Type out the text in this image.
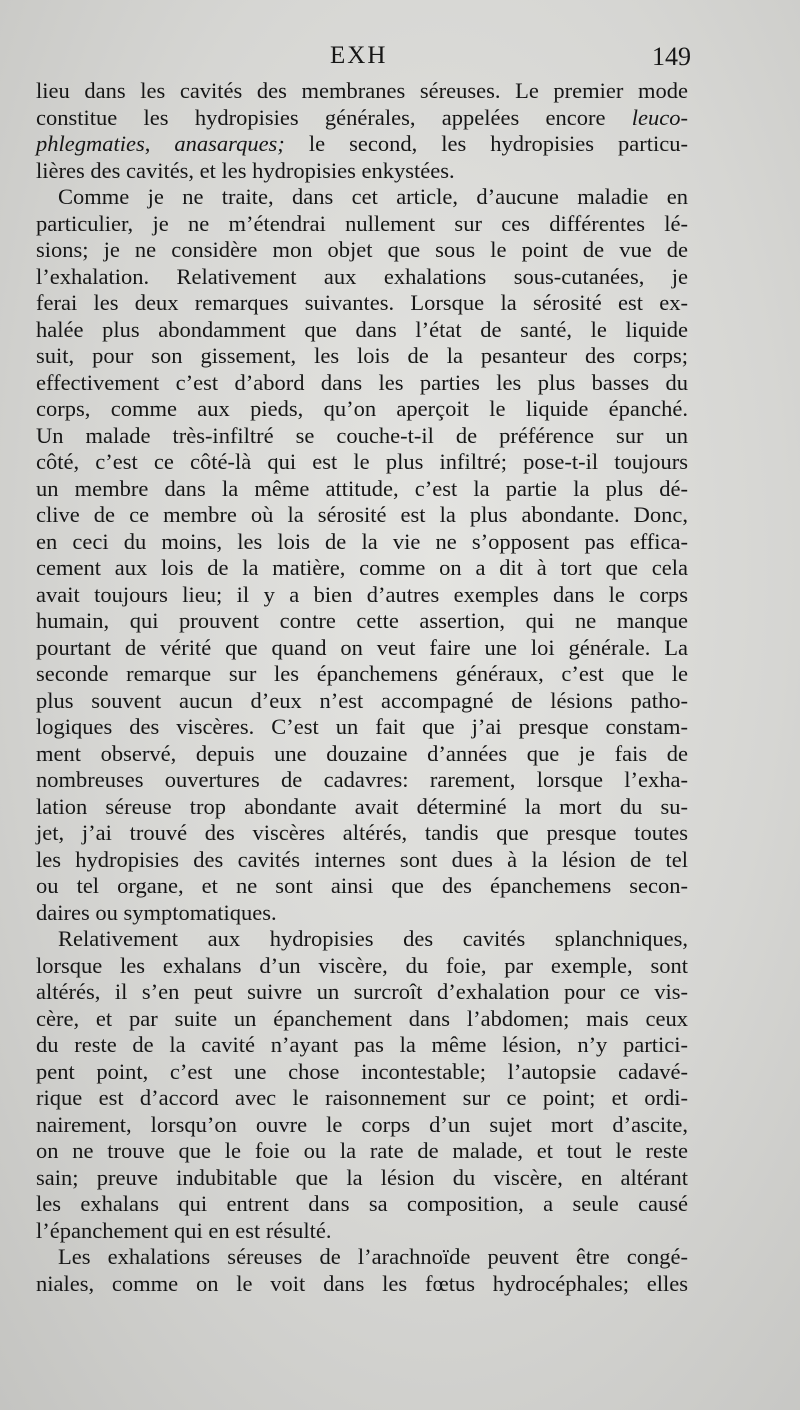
EXH	149
lieu dans les cavités des membranes séreuses. Le premier mode
constitue les hydropisies générales, appelées encore leuco-
phlegmaties, anasarques; le second, les hydropisies particu-
lières des cavités, et les hydropisies enkystées.
Comme je ne traite, dans cet article, d’aucune maladie en
particulier, je ne m’étendrai nullement sur ces différentes lé-
sions; je ne considère mon objet que sous le point de vue de
l’exhalation. Relativement aux exhalations sous-cutanées, je
ferai les deux remarques suivantes. Lorsque la sérosité est ex-
halée plus abondamment que dans l’état de santé, le liquide
suit, pour son gissement, les lois de la pesanteur des corps;
effectivement c’est d’abord dans les parties les plus basses du
corps, comme aux pieds, qu’on aperçoit le liquide épanché.
Un malade très-infiltré se couche-t-il de préférence sur un
côté, c’est ce côté-là qui est le plus infiltré; pose-t-il toujours
un membre dans la même attitude, c’est la partie la plus dé-
clive de ce membre où la sérosité est la plus abondante. Donc,
en ceci du moins, les lois de la vie ne s’opposent pas effica-
cement aux lois de la matière, comme on a dit à tort que cela
avait toujours lieu; il y a bien d’autres exemples dans le corps
humain, qui prouvent contre cette assertion, qui ne manque
pourtant de vérité que quand on veut faire une loi générale. La
seconde remarque sur les épanchemens généraux, c’est que le
plus souvent aucun d’eux n’est accompagné de lésions patho-
logiques des viscères. C’est un fait que j’ai presque constam-
ment observé, depuis une douzaine d’années que je fais de
nombreuses ouvertures de cadavres: rarement, lorsque l’exha-
lation séreuse trop abondante avait déterminé la mort du su-
jet, j’ai trouvé des viscères altérés, tandis que presque toutes
les hydropisies des cavités internes sont dues à la lésion de tel
ou tel organe, et ne sont ainsi que des épanchemens secon-
daires ou symptomatiques.
Relativement aux hydropisies des cavités splanchniques,
lorsque les exhalans d’un viscère, du foie, par exemple, sont
altérés, il s’en peut suivre un surcroît d’exhalation pour ce vis-
cère, et par suite un épanchement dans l’abdomen; mais ceux
du reste de la cavité n’ayant pas la même lésion, n’y partici-
pent point, c’est une chose incontestable; l’autopsie cadavé-
rique est d’accord avec le raisonnement sur ce point; et ordi-
nairement, lorsqu’on ouvre le corps d’un sujet mort d’ascite,
on ne trouve que le foie ou la rate de malade, et tout le reste
sain; preuve indubitable que la lésion du viscère, en altérant
les exhalans qui entrent dans sa composition, a seule causé
l’épanchement qui en est résulté.
Les exhalations séreuses de l’arachnoïde peuvent être congé-
niales, comme on le voit dans les fœtus hydrocéphales; elles
